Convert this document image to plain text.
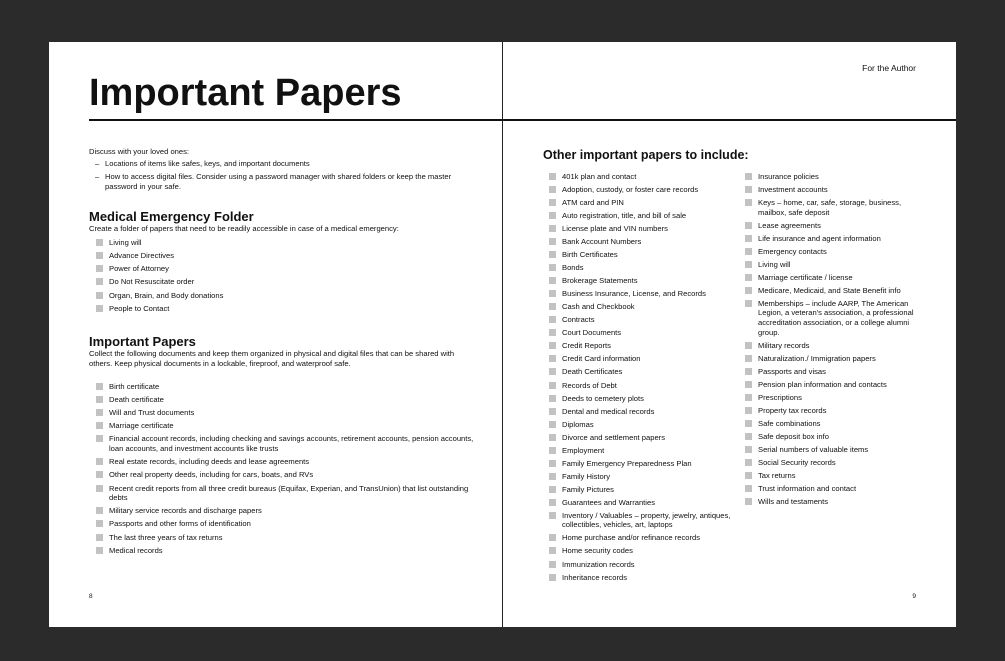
Important Papers
Discuss with your loved ones:
– Locations of items like safes, keys, and important documents
– How to access digital files. Consider using a password manager with shared folders or keep the master password in your safe.
Medical Emergency Folder

Create a folder of papers that need to be readily accessible in case of a medical emergency:

Living will
Advance Directives
Power of Attorney
Do Not Resuscitate order
Organ, Brain, and Body donations
People to Contact
Important Papers

Collect the following documents and keep them organized in physical and digital files that can be shared with others. Keep physical documents in a lockable, fireproof, and waterproof safe.

Birth certificate
Death certificate
Will and Trust documents
Marriage certificate
Financial account records, including checking and savings accounts, retirement accounts, pension accounts, loan accounts, and investment accounts like trusts
Real estate records, including deeds and lease agreements
Other real property deeds, including for cars, boats, and RVs
Recent credit reports from all three credit bureaus (Equifax, Experian, and TransUnion) that list outstanding debts
Military service records and discharge papers
Passports and other forms of identification
The last three years of tax returns
Medical records
8
For the Author
Other important papers to include:
401k plan and contact
Adoption, custody, or foster care records
ATM card and PIN
Auto registration, title, and bill of sale
License plate and VIN numbers
Bank Account Numbers
Birth Certificates
Bonds
Brokerage Statements
Business Insurance, License, and Records
Cash and Checkbook
Contracts
Court Documents
Credit Reports
Credit Card information
Death Certificates
Records of Debt
Deeds to cemetery plots
Dental and medical records
Diplomas
Divorce and settlement papers
Employment
Family Emergency Preparedness Plan
Family History
Family Pictures
Guarantees and Warranties
Inventory / Valuables – property, jewelry, antiques, collectibles, vehicles, art, laptops
Home purchase and/or refinance records
Home security codes
Immunization records
Inheritance records
Insurance policies
Investment accounts
Keys – home, car, safe, storage, business, mailbox, safe deposit
Lease agreements
Life insurance and agent information
Emergency contacts
Living will
Marriage certificate / license
Medicare, Medicaid, and State Benefit info
Memberships – include AARP, The American Legion, a veteran's association, a professional accreditation association, or a college alumni group.
Military records
Naturalization./ Immigration papers
Passports and visas
Pension plan information and contacts
Prescriptions
Property tax records
Safe combinations
Safe deposit box info
Serial numbers of valuable items
Social Security records
Tax returns
Trust information and contact
Wills and testaments
9
